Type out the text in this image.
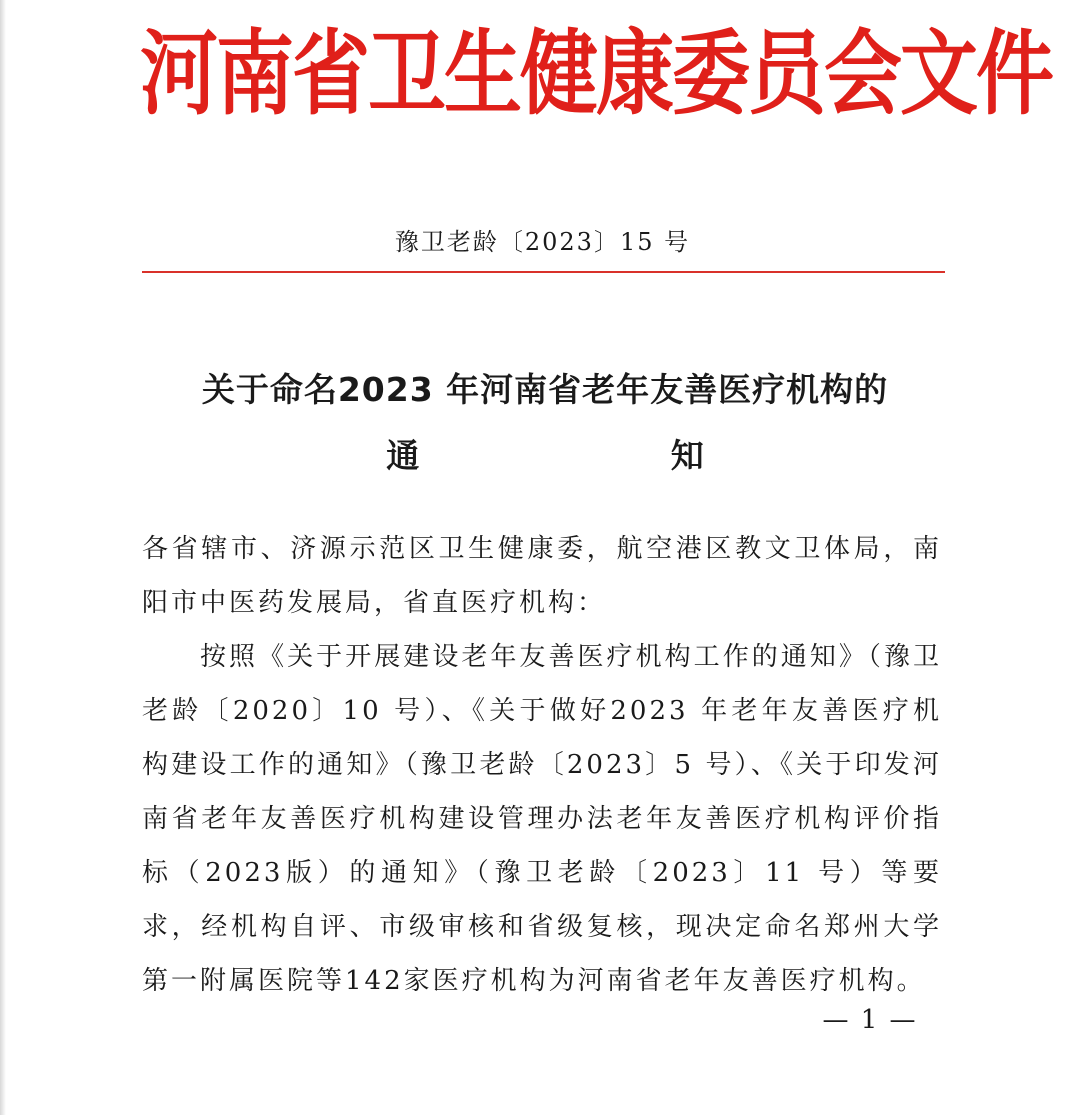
河南省卫生健康委员会文件
豫卫老龄〔2023〕15 号
关于命名2023 年河南省老年友善医疗机构的
通 知

各省辖市、济源示范区卫生健康委，航空港区教文卫体局，南阳市中医药发展局，省直医疗机构：

按照《关于开展建设老年友善医疗机构工作的通知》（豫卫老龄〔2020〕10 号）、《关于做好2023 年老年友善医疗机构建设工作的通知》（豫卫老龄〔2023〕5 号）、《关于印发河南省老年友善医疗机构建设管理办法老年友善医疗机构评价指标（2023版）的通知》（豫卫老龄〔2023〕11 号）等要求，经机构自评、市级审核和省级复核，现决定命名郑州大学第一附属医院等142家医疗机构为河南省老年友善医疗机构。

— 1 —
